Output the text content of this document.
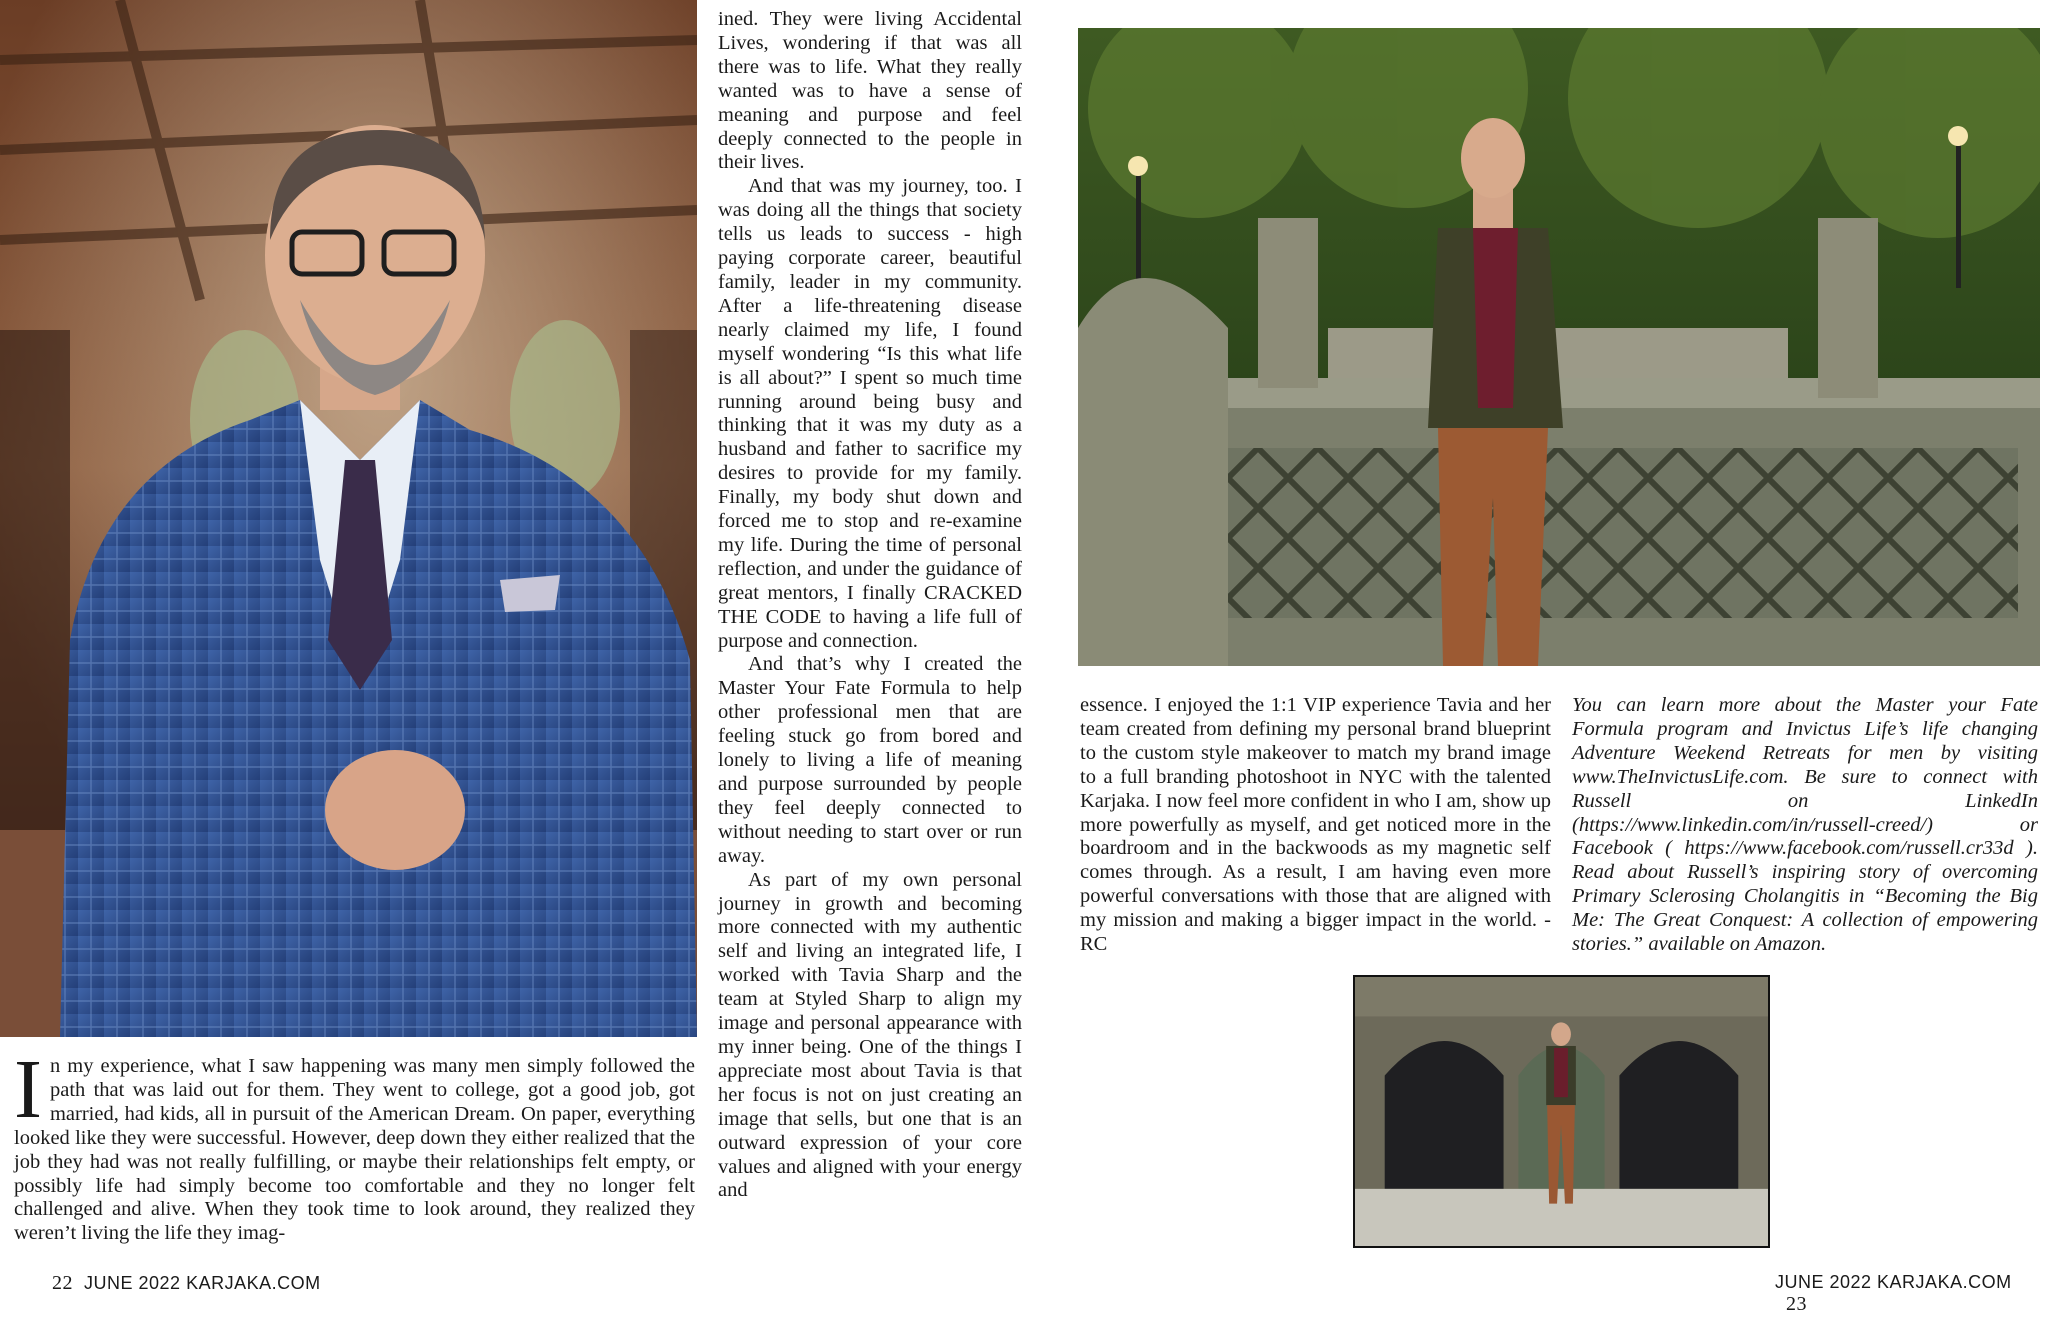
In my experience, what I saw happening was many men simply followed the path that was laid out for them. They went to college, got a good job, got married, had kids, all in pursuit of the American Dream. On paper, everything looked like they were successful. However, deep down they either realized that the job they had was not really fulfilling, or maybe their relationships felt empty, or possibly life had simply become too comfortable and they no longer felt challenged and alive. When they took time to look around, they realized they weren’t living the life they imag-

ined. They were living Accidental Lives, wondering if that was all there was to life. What they really wanted was to have a sense of meaning and purpose and feel deeply connected to the people in their lives.

And that was my journey, too. I was doing all the things that society tells us leads to success - high paying corporate career, beautiful family, leader in my community. After a life-threatening disease nearly claimed my life, I found myself wondering “Is this what life is all about?” I spent so much time running around being busy and thinking that it was my duty as a husband and father to sacrifice my desires to provide for my family. Finally, my body shut down and forced me to stop and re-examine my life. During the time of personal reflection, and under the guidance of great mentors, I finally CRACKED THE CODE to having a life full of purpose and connection.

And that’s why I created the Master Your Fate Formula to help other professional men that are feeling stuck go from bored and lonely to living a life of meaning and purpose surrounded by people they feel deeply connected to without needing to start over or run away.

As part of my own personal journey in growth and becoming more connected with my authentic self and living an integrated life, I worked with Tavia Sharp and the team at Styled Sharp to align my image and personal appearance with my inner being. One of the things I appreciate most about Tavia is that her focus is not on just creating an image that sells, but one that is an outward expression of your core values and aligned with your energy and

essence. I enjoyed the 1:1 VIP experience Tavia and her team created from defining my personal brand blueprint to the custom style makeover to match my brand image to a full branding photoshoot in NYC with the talented Karjaka. I now feel more confident in who I am, show up more powerfully as myself, and get noticed more in the boardroom and in the backwoods as my magnetic self comes through. As a result, I am having even more powerful conversations with those that are aligned with my mission and making a bigger impact in the world. -RC

You can learn more about the Master your Fate Formula program and Invictus Life’s life changing Adventure Weekend Retreats for men by visiting www.TheInvictusLife.com. Be sure to connect with Russell on LinkedIn (https://www.linkedin.com/in/russell-creed/) or Facebook ( https://www.facebook.com/russell.cr33d ). Read about Russell’s inspiring story of overcoming Primary Sclerosing Cholangitis in “Becoming the Big Me: The Great Conquest: A collection of empowering stories.” available on Amazon.

22 JUNE 2022 KARJAKA.COM	JUNE 2022 KARJAKA.COM   23
